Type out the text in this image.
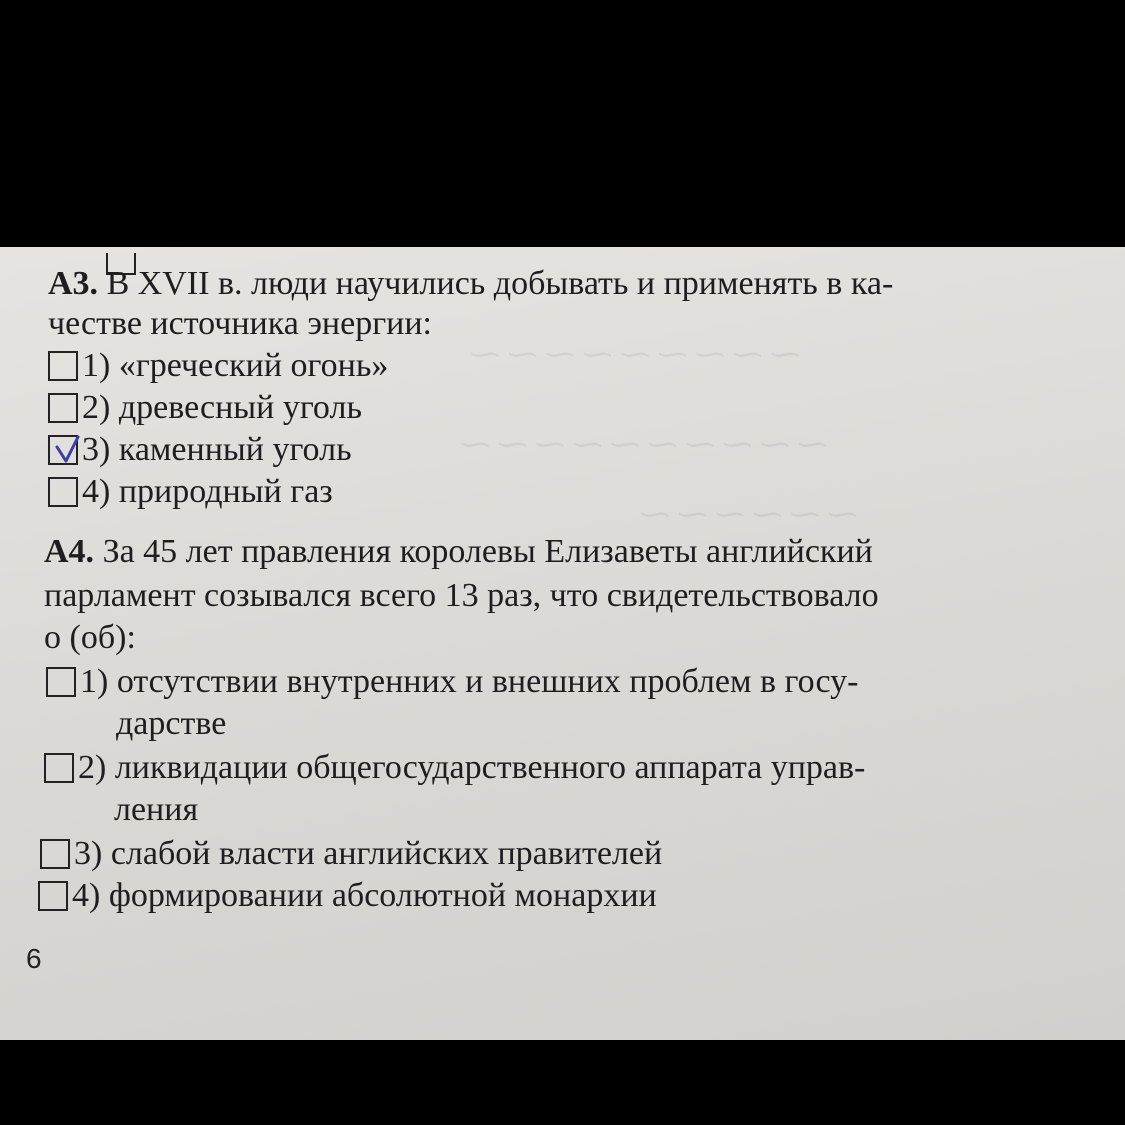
⁓ ⁓ ⁓ ⁓ ⁓ ⁓ ⁓ ⁓ ⁓
⁓ ⁓ ⁓ ⁓ ⁓ ⁓ ⁓ ⁓ ⁓ ⁓
⁓ ⁓ ⁓ ⁓ ⁓ ⁓
А3. В XVII в. люди научились добывать и применять в ка-
честве источника энергии:
1) «греческий огонь»
2) древесный уголь
3) каменный уголь
4) природный газ
А4. За 45 лет правления королевы Елизаветы английский
парламент созывался всего 13 раз, что свидетельствовало
о (об):
1) отсутствии внутренних и внешних проблем в госу-
дарстве
2) ликвидации общегосударственного аппарата управ-
ления
3) слабой власти английских правителей
4) формировании абсолютной монархии
6
